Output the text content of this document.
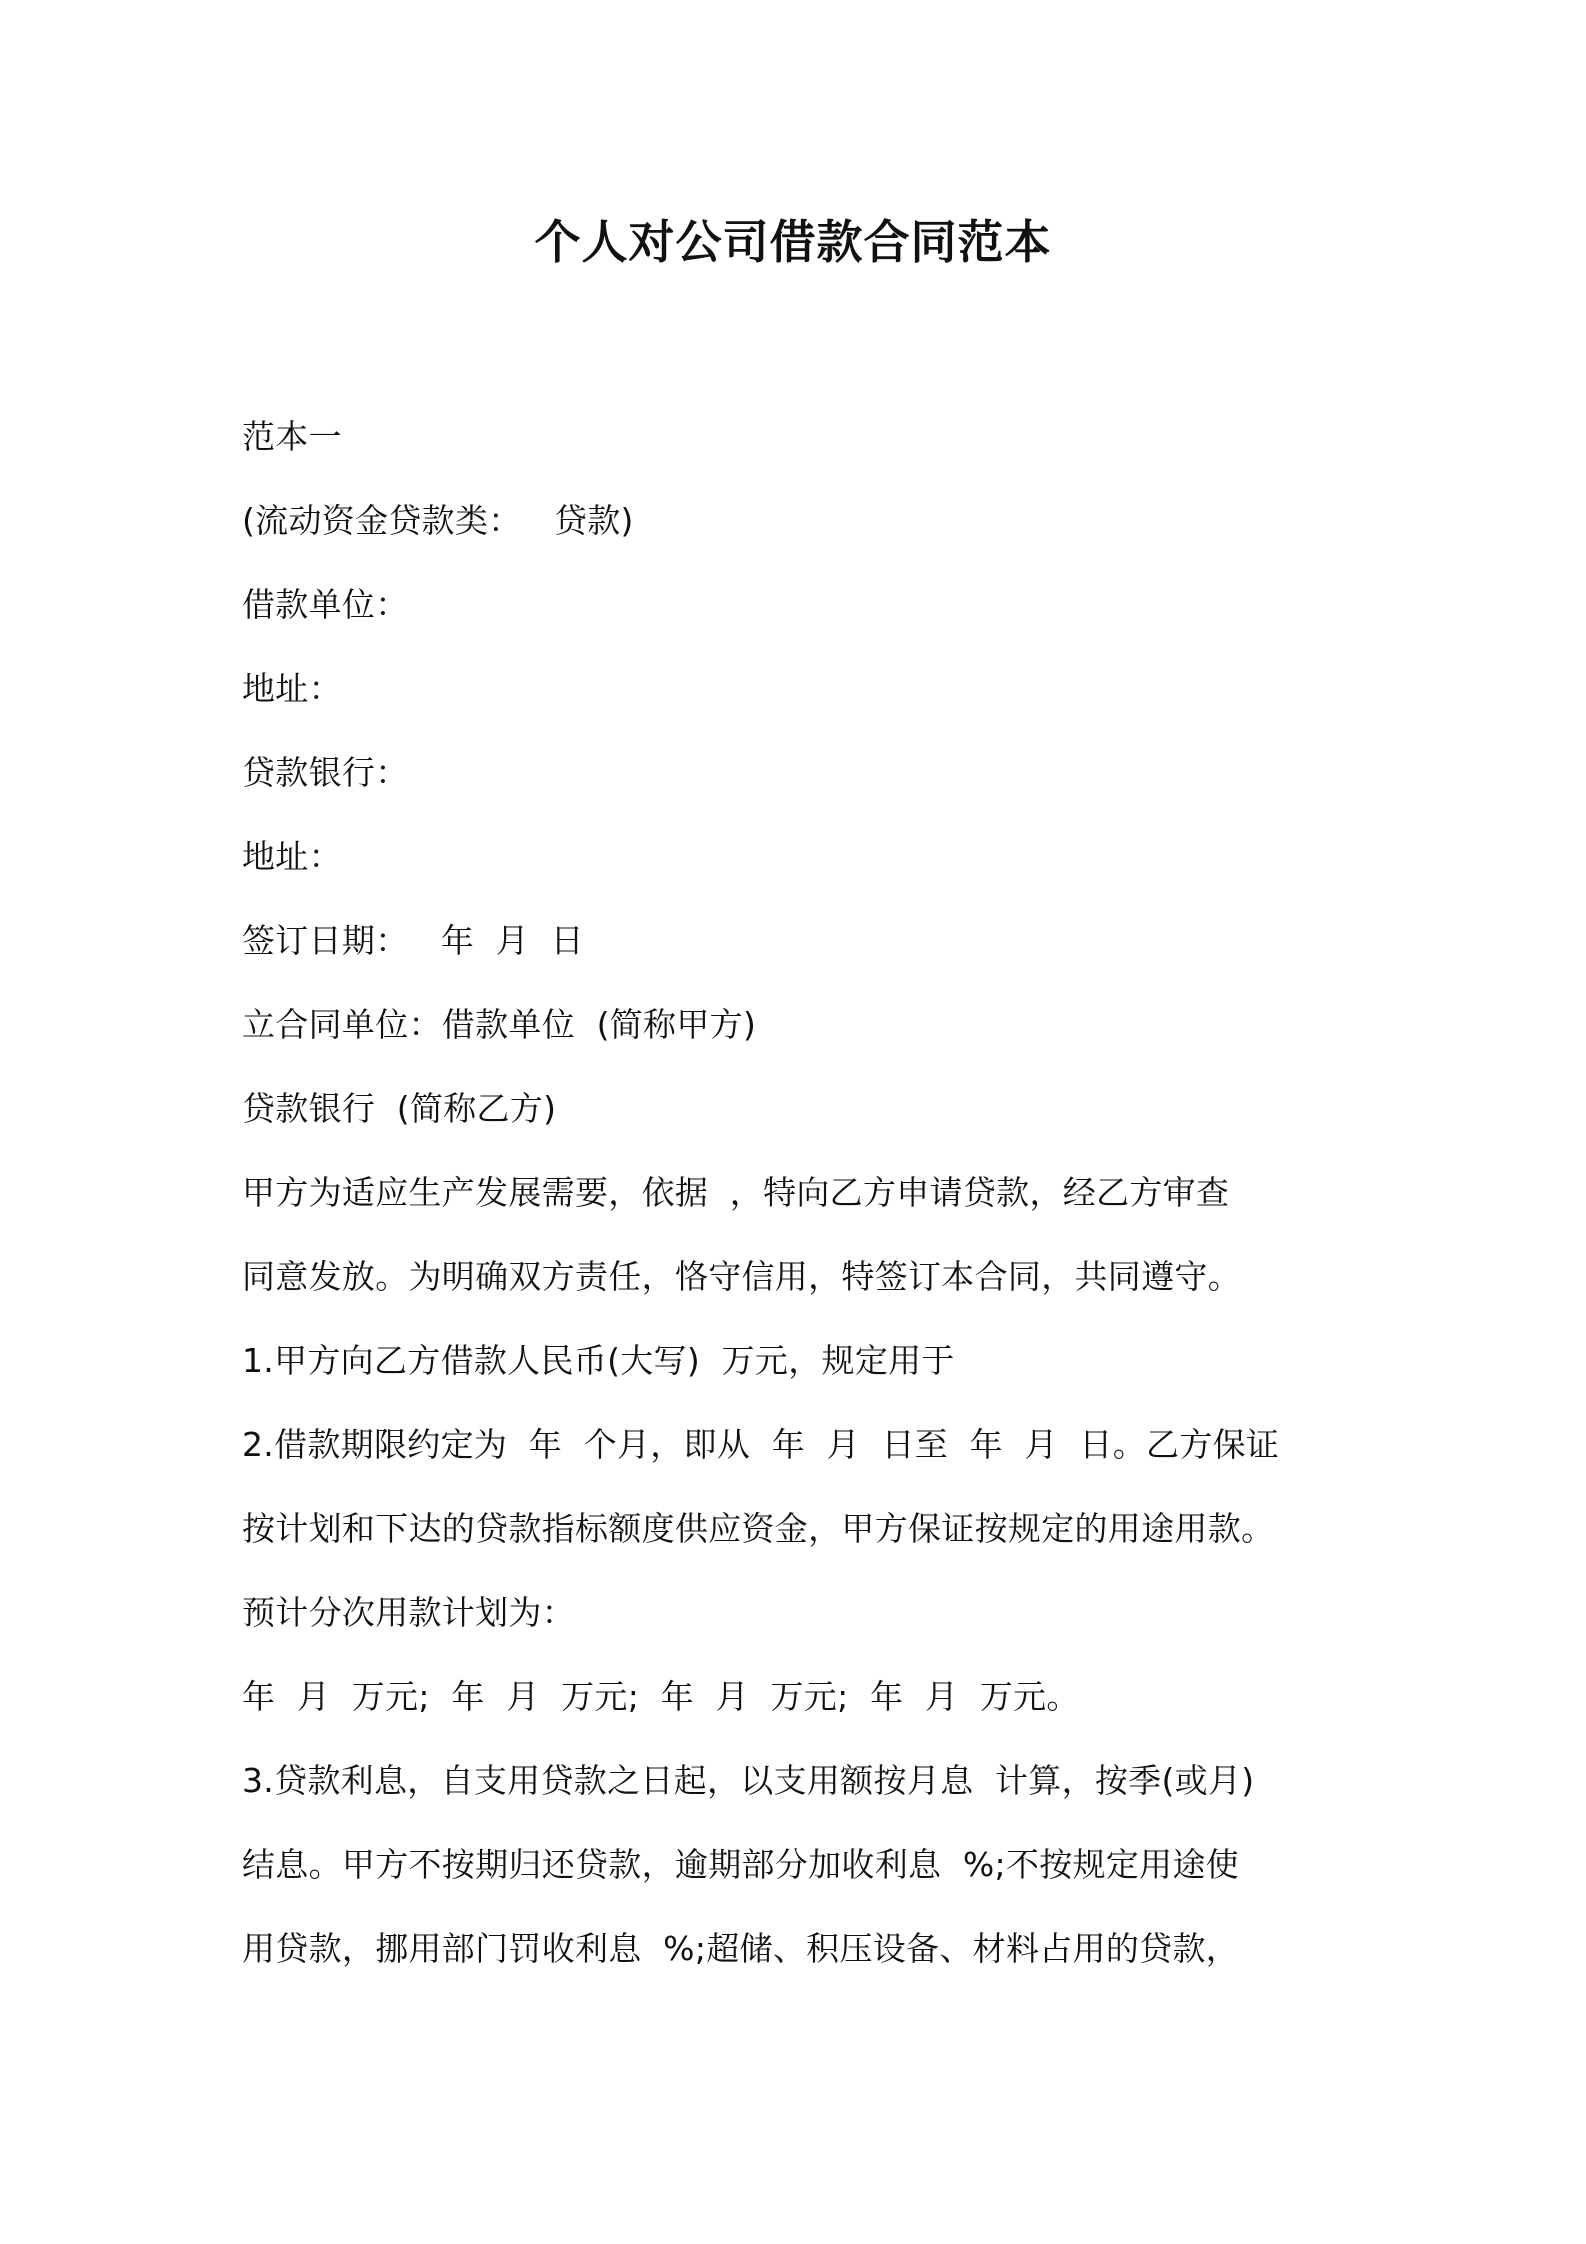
个人对公司借款合同范本
范本一
(流动资金贷款类：   贷款)
借款单位：
地址：
贷款银行：
地址：
签订日期：   年  月  日
立合同单位：借款单位  (简称甲方)
贷款银行  (简称乙方)
甲方为适应生产发展需要，依据  ，特向乙方申请贷款，经乙方审查
同意发放。为明确双方责任，恪守信用，特签订本合同，共同遵守。
1.甲方向乙方借款人民币(大写)  万元，规定用于
2.借款期限约定为  年  个月，即从  年  月  日至  年  月  日。乙方保证
按计划和下达的贷款指标额度供应资金，甲方保证按规定的用途用款。
预计分次用款计划为：
年  月  万元;  年  月  万元;  年  月  万元;  年  月  万元。
3.贷款利息，自支用贷款之日起，以支用额按月息  计算，按季(或月)
结息。甲方不按期归还贷款，逾期部分加收利息  %;不按规定用途使
用贷款，挪用部门罚收利息  %;超储、积压设备、材料占用的贷款，
